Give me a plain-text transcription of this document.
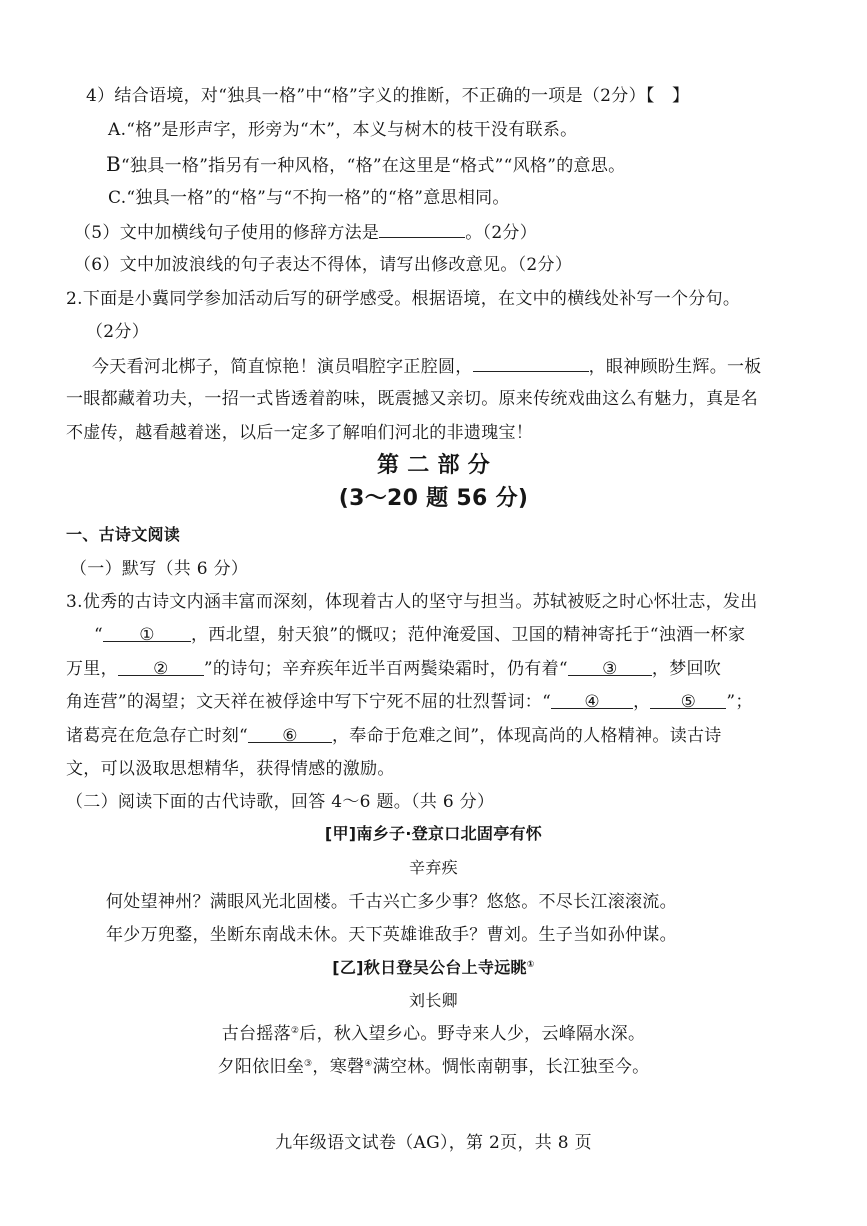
4）结合语境，对“独具一格”中“格”字义的推断，不正确的一项是（2分）【　】
A.“格”是形声字，形旁为“木”，本义与树木的枝干没有联系。
B“独具一格”指另有一种风格，“格”在这里是“格式”“风格”的意思。
C.“独具一格”的“格”与“不拘一格”的“格”意思相同。
（5）文中加横线句子使用的修辞方法是	。（2分）
（6）文中加波浪线的句子表达不得体，请写出修改意见。（2分）
2.下面是小冀同学参加活动后写的研学感受。根据语境，在文中的横线处补写一个分句。
（2分）
今天看河北梆子，简直惊艳！演员唱腔字正腔圆，	，眼神顾盼生辉。一板
一眼都藏着功夫，一招一式皆透着韵味，既震撼又亲切。原来传统戏曲这么有魅力，真是名
不虚传，越看越着迷，以后一定多了解咱们河北的非遗瑰宝！
第 二 部 分
(3～20 题 56 分)
一、古诗文阅读
（一）默写（共 6 分）
3.优秀的古诗文内涵丰富而深刻，体现着古人的坚守与担当。苏轼被贬之时心怀壮志，发出
“ ① ，西北望，射天狼”的慨叹；范仲淹爱国、卫国的精神寄托于“浊酒一杯家
万里， ② ”的诗句；辛弃疾年近半百两鬓染霜时，仍有着“ ③ ，梦回吹
角连营”的渴望；文天祥在被俘途中写下宁死不屈的壮烈誓词：“ ④ ， ⑤ ”；
诸葛亮在危急存亡时刻“ ⑥ ，奉命于危难之间”，体现高尚的人格精神。读古诗
文，可以汲取思想精华，获得情感的激励。
（二）阅读下面的古代诗歌，回答 4～6 题。（共 6 分）
[甲]南乡子·登京口北固亭有怀
辛弃疾
何处望神州？满眼风光北固楼。千古兴亡多少事？悠悠。不尽长江滚滚流。
年少万兜鍪，坐断东南战未休。天下英雄谁敌手？曹刘。生子当如孙仲谋。
[乙]秋日登吴公台上寺远眺①
刘长卿
古台摇落②后，秋入望乡心。野寺来人少，云峰隔水深。
夕阳依旧垒③，寒磬④满空林。惆怅南朝事，长江独至今。
九年级语文试卷（AG），第 2页，共 8 页
